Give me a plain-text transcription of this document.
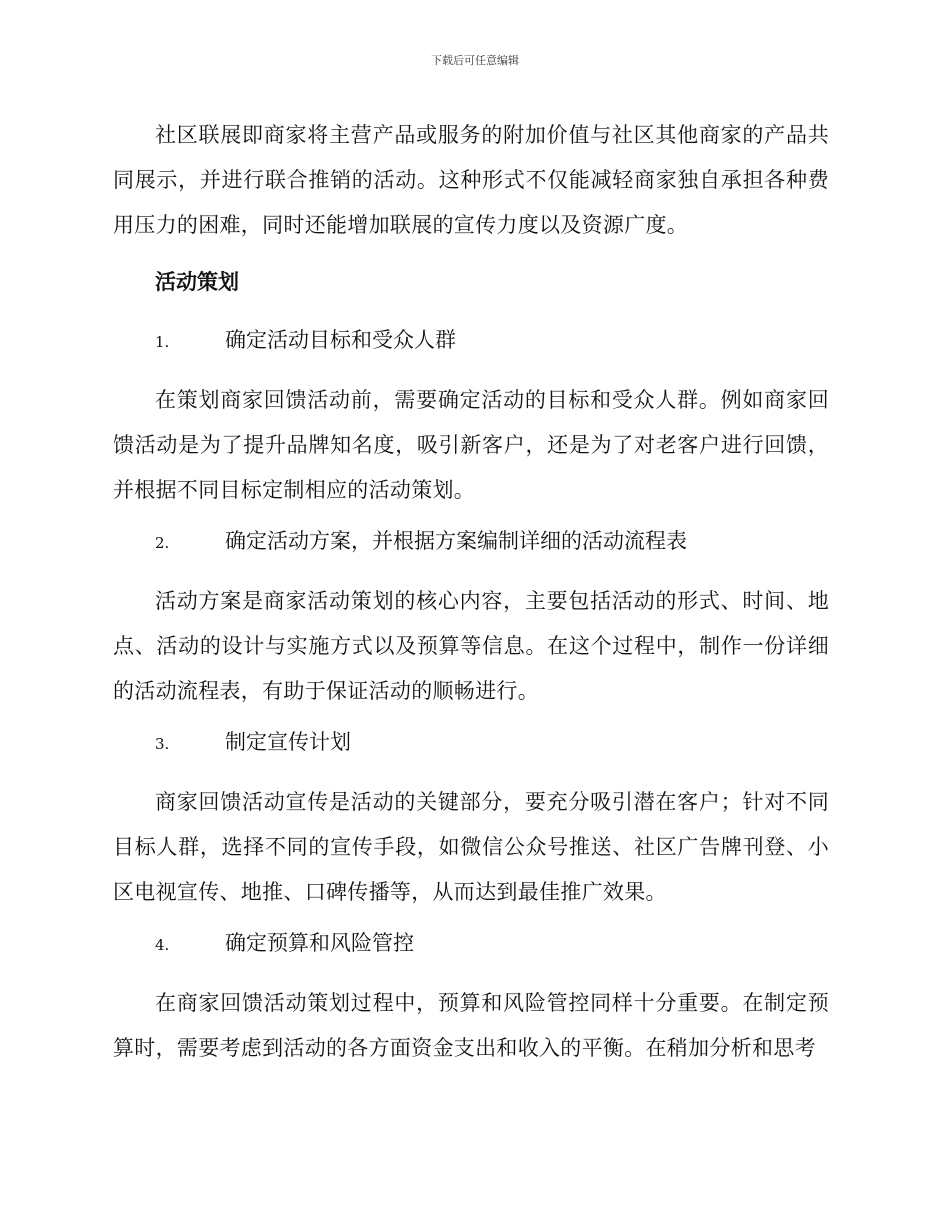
下载后可任意编辑

社区联展即商家将主营产品或服务的附加价值与社区其他商家的产品共同展示，并进行联合推销的活动。这种形式不仅能减轻商家独自承担各种费用压力的困难，同时还能增加联展的宣传力度以及资源广度。

活动策划
1.	确定活动目标和受众人群

在策划商家回馈活动前，需要确定活动的目标和受众人群。例如商家回馈活动是为了提升品牌知名度，吸引新客户，还是为了对老客户进行回馈，并根据不同目标定制相应的活动策划。

2.	确定活动方案，并根据方案编制详细的活动流程表

活动方案是商家活动策划的核心内容，主要包括活动的形式、时间、地点、活动的设计与实施方式以及预算等信息。在这个过程中，制作一份详细的活动流程表，有助于保证活动的顺畅进行。

3.	制定宣传计划

商家回馈活动宣传是活动的关键部分，要充分吸引潜在客户；针对不同目标人群，选择不同的宣传手段，如微信公众号推送、社区广告牌刊登、小区电视宣传、地推、口碑传播等，从而达到最佳推广效果。

4.	确定预算和风险管控

在商家回馈活动策划过程中，预算和风险管控同样十分重要。在制定预算时，需要考虑到活动的各方面资金支出和收入的平衡。在稍加分析和思考
